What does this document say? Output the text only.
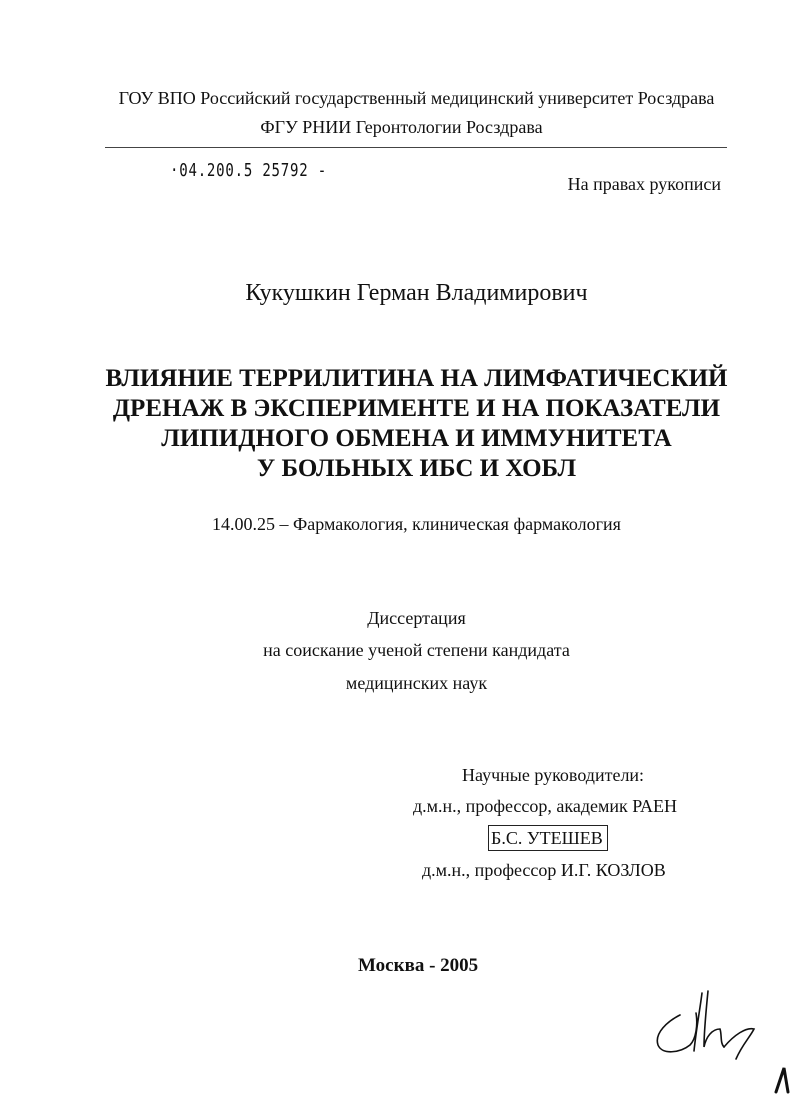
ГОУ ВПО Российский государственный медицинский университет Росздрава
ФГУ РНИИ Геронтологии Росздрава
·04.200.5 25792 -
На правах рукописи
Кукушкин Герман Владимирович
ВЛИЯНИЕ ТЕРРИЛИТИНА НА ЛИМФАТИЧЕСКИЙ
ДРЕНАЖ В ЭКСПЕРИМЕНТЕ И НА ПОКАЗАТЕЛИ
ЛИПИДНОГО ОБМЕНА И ИММУНИТЕТА
У БОЛЬНЫХ ИБС И ХОБЛ
14.00.25 – Фармакология, клиническая фармакология
Диссертация
на соискание ученой степени кандидата
медицинских наук
Научные руководители:
д.м.н., профессор, академик РАЕН
Б.С. УТЕШЕВ
д.м.н., профессор И.Г. КОЗЛОВ
Москва - 2005
